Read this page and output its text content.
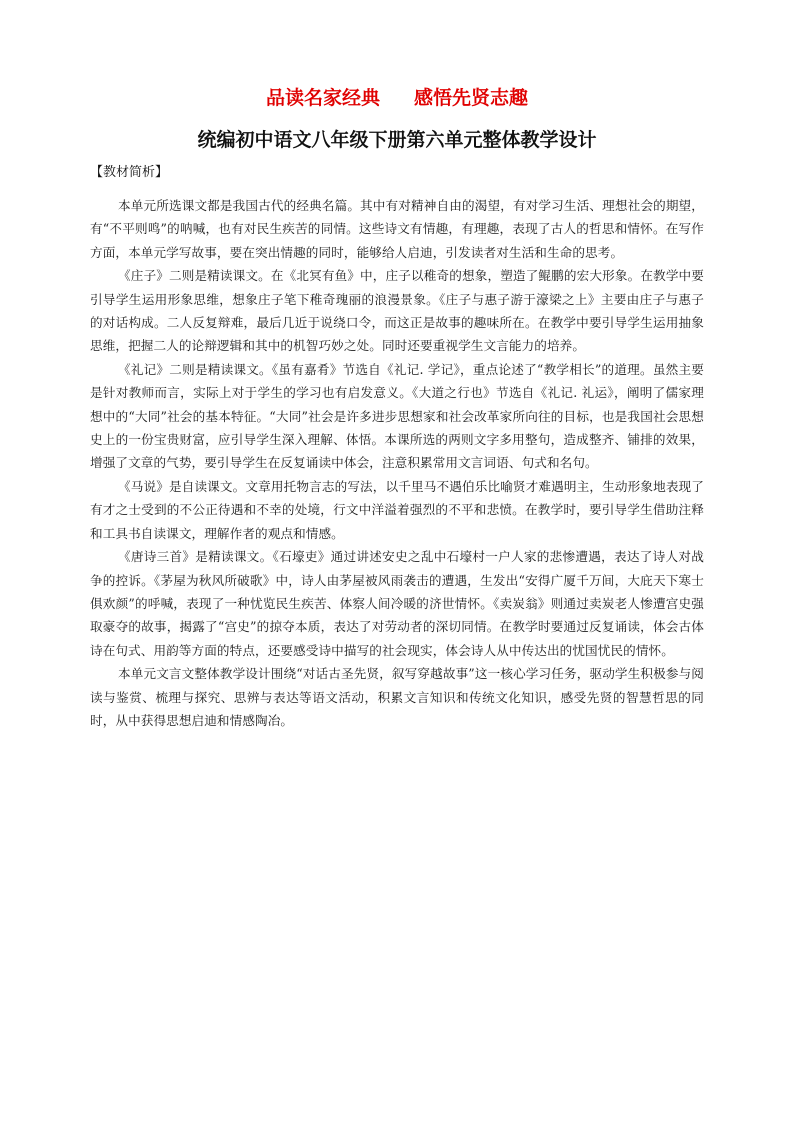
品读名家经典 感悟先贤志趣
统编初中语文八年级下册第六单元整体教学设计
【教材简析】

本单元所选课文都是我国古代的经典名篇。其中有对精神自由的渴望，有对学习生活、理想社会的期望，有“不平则鸣”的呐喊，也有对民生疾苦的同情。这些诗文有情趣，有理趣，表现了古人的哲思和情怀。在写作方面，本单元学写故事，要在突出情趣的同时，能够给人启迪，引发读者对生活和生命的思考。

《庄子》二则是精读课文。在《北冥有鱼》中，庄子以稚奇的想象，塑造了鲲鹏的宏大形象。在教学中要引导学生运用形象思维，想象庄子笔下稚奇瑰丽的浪漫景象。《庄子与惠子游于濠梁之上》主要由庄子与惠子的对话构成。二人反复辩难，最后几近于说绕口令，而这正是故事的趣味所在。在教学中要引导学生运用抽象思维，把握二人的论辩逻辑和其中的机智巧妙之处。同时还要重视学生文言能力的培养。

《礼记》二则是精读课文。《虽有嘉肴》节选自《礼记. 学记》，重点论述了“教学相长”的道理。虽然主要是针对教师而言，实际上对于学生的学习也有启发意义。《大道之行也》节选自《礼记. 礼运》，阐明了儒家理想中的“大同”社会的基本特征。“大同”社会是许多进步思想家和社会改革家所向往的目标，也是我国社会思想史上的一份宝贵财富，应引导学生深入理解、体悟。本课所选的两则文字多用整句，造成整齐、铺排的效果，增强了文章的气势，要引导学生在反复诵读中体会，注意积累常用文言词语、句式和名句。

《马说》是自读课文。文章用托物言志的写法，以千里马不遇伯乐比喻贤才难遇明主，生动形象地表现了有才之士受到的不公正待遇和不幸的处境，行文中洋溢着强烈的不平和悲愤。在教学时，要引导学生借助注释和工具书自读课文，理解作者的观点和情感。

《唐诗三首》是精读课文。《石壕吏》通过讲述安史之乱中石壕村一户人家的悲惨遭遇，表达了诗人对战争的控诉。《茅屋为秋风所破歌》中，诗人由茅屋被风雨袭击的遭遇，生发出“安得广厦千万间，大庇天下寒士俱欢颜”的呼喊，表现了一种忧览民生疾苦、体察人间冷暖的济世情怀。《卖炭翁》则通过卖炭老人惨遭宫史强取豪夺的故事，揭露了“宫史”的掠夺本质，表达了对劳动者的深切同情。在教学时要通过反复诵读，体会古体诗在句式、用韵等方面的特点，还要感受诗中描写的社会现实，体会诗人从中传达出的忧国忧民的情怀。

本单元文言文整体教学设计围绕“对话古圣先贤，叙写穿越故事”这一核心学习任务，驱动学生积极参与阅读与鉴赏、梳理与探究、思辨与表达等语文活动，积累文言知识和传统文化知识，感受先贤的智慧哲思的同时，从中获得思想启迪和情感陶冶。
